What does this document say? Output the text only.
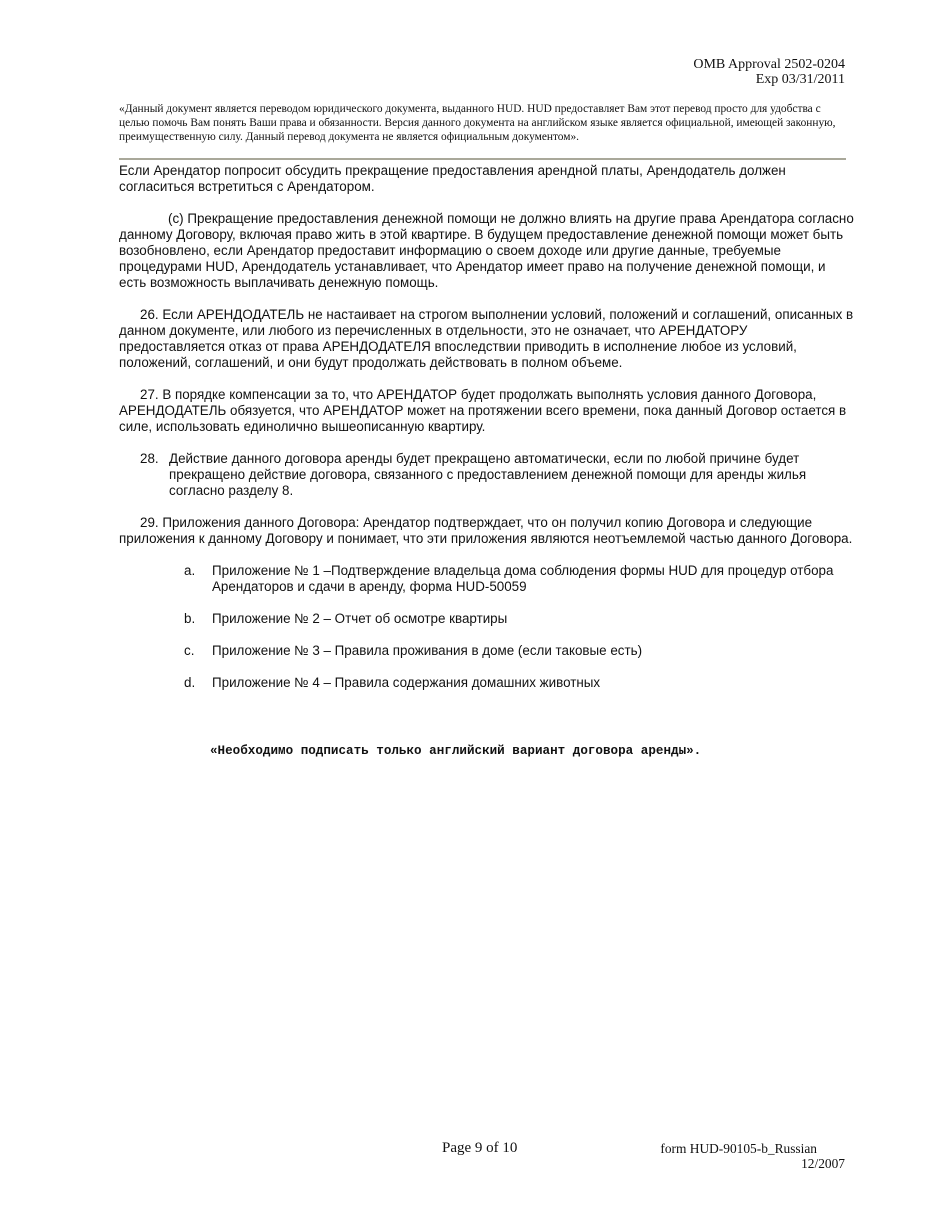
OMB Approval 2502-0204
Exp 03/31/2011
«Данный документ является переводом юридического документа, выданного HUD. HUD предоставляет Вам этот перевод просто для удобства с целью помочь Вам понять Ваши права и обязанности. Версия данного документа на английском языке является официальной, имеющей законную, преимущественную силу. Данный перевод документа не является официальным документом».

Если Арендатор попросит обсудить прекращение предоставления арендной платы, Арендодатель должен согласиться встретиться с Арендатором.

(c) Прекращение предоставления денежной помощи не должно влиять на другие права Арендатора согласно данному Договору, включая право жить в этой квартире. В будущем предоставление денежной помощи может быть возобновлено, если Арендатор предоставит информацию о своем доходе или другие данные, требуемые процедурами HUD, Арендодатель устанавливает, что Арендатор имеет право на получение денежной помощи, и есть возможность выплачивать денежную помощь.

26. Если АРЕНДОДАТЕЛЬ не настаивает на строгом выполнении условий, положений и соглашений, описанных в данном документе, или любого из перечисленных в отдельности, это не означает, что АРЕНДАТОРУ предоставляется отказ от права АРЕНДОДАТЕЛЯ впоследствии приводить в исполнение любое из условий, положений, соглашений, и они будут продолжать действовать в полном объеме.

27. В порядке компенсации за то, что АРЕНДАТОР будет продолжать выполнять условия данного Договора, АРЕНДОДАТЕЛЬ обязуется, что АРЕНДАТОР может на протяжении всего времени, пока данный Договор остается в силе, использовать единолично вышеописанную квартиру.

28. Действие данного договора аренды будет прекращено автоматически, если по любой причине будет прекращено действие договора, связанного с предоставлением денежной помощи для аренды жилья согласно разделу 8.

29. Приложения данного Договора: Арендатор подтверждает, что он получил копию Договора и следующие приложения к данному Договору и понимает, что эти приложения являются неотъемлемой частью данного Договора.

a.	Приложение № 1 –Подтверждение владельца дома соблюдения формы HUD для процедур отбора Арендаторов и сдачи в аренду, форма HUD-50059
b.	Приложение № 2 – Отчет об осмотре квартиры
c.	Приложение № 3 – Правила проживания в доме (если таковые есть)
d.	Приложение № 4 – Правила содержания домашних животных
«Необходимо подписать только английский вариант договора аренды».
Page 9 of 10	form HUD-90105-b_Russian
12/2007
